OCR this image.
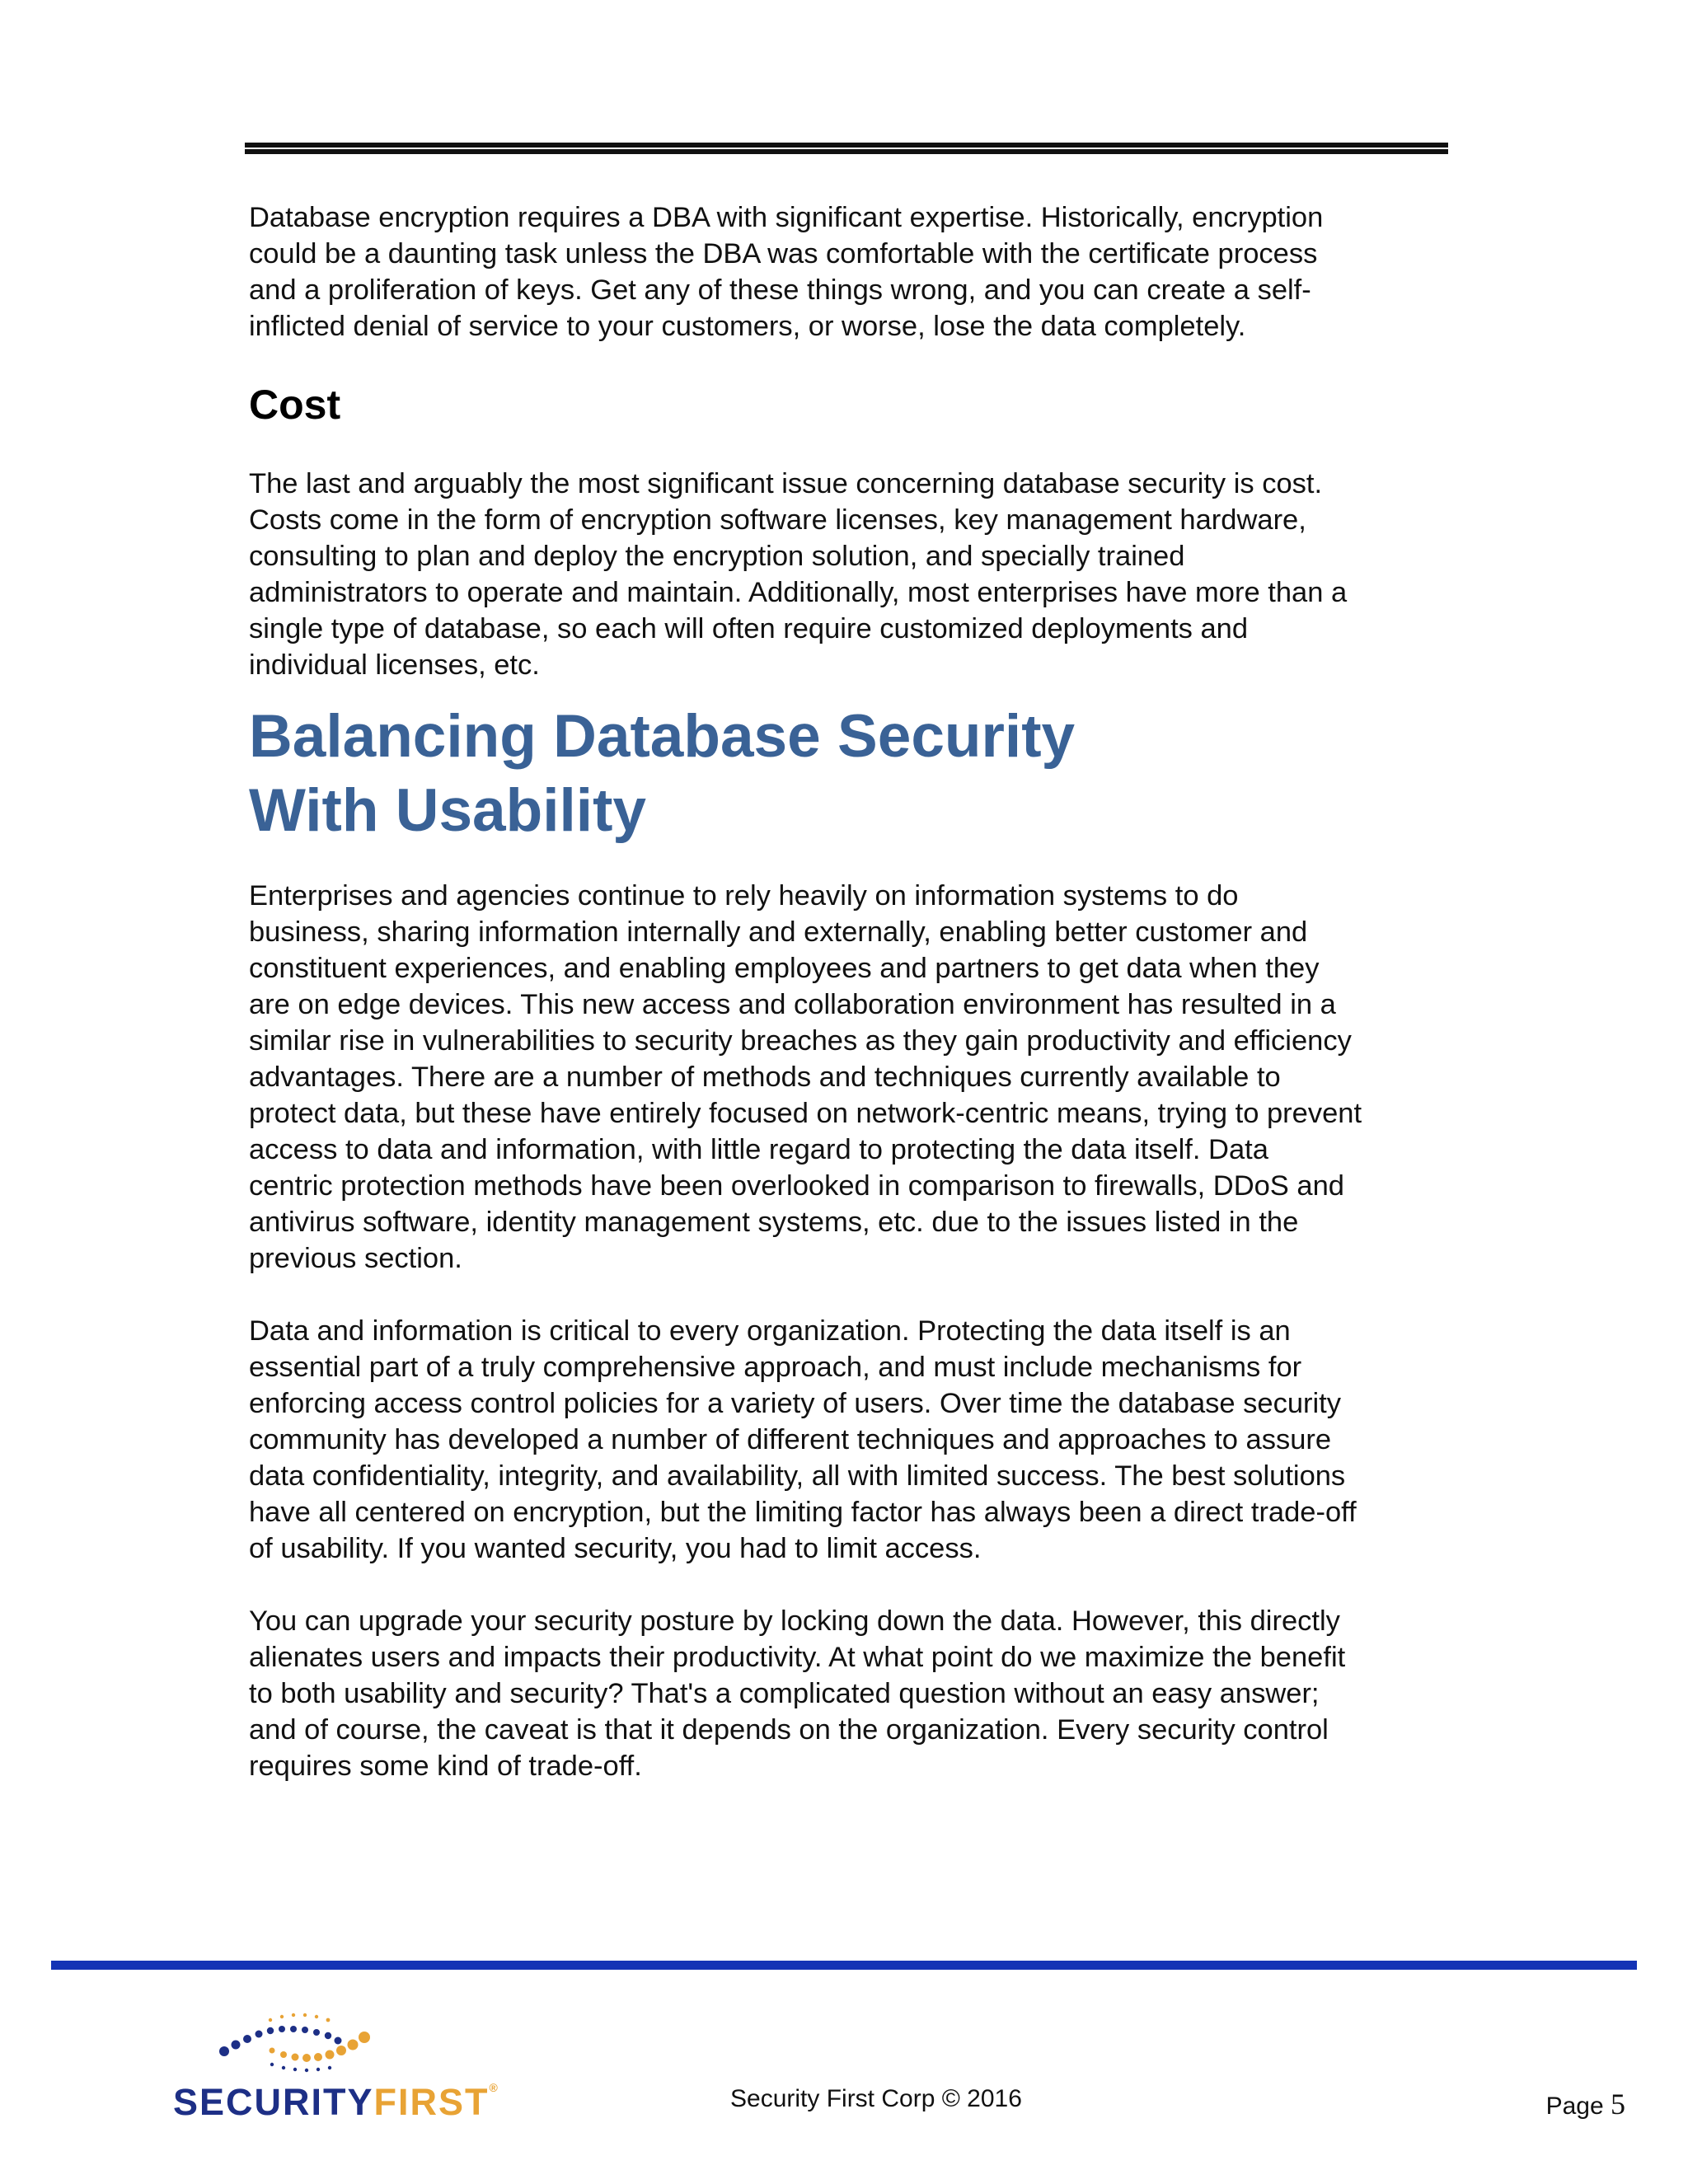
Database encryption requires a DBA with significant expertise. Historically, encryption
could be a daunting task unless the DBA was comfortable with the certificate process
and a proliferation of keys. Get any of these things wrong, and you can create a self-
inflicted denial of service to your customers, or worse, lose the data completely.

Cost

The last and arguably the most significant issue concerning database security is cost.
Costs come in the form of encryption software licenses, key management hardware,
consulting to plan and deploy the encryption solution, and specially trained
administrators to operate and maintain. Additionally, most enterprises have more than a
single type of database, so each will often require customized deployments and
individual licenses, etc.

Balancing Database Security
With Usability

Enterprises and agencies continue to rely heavily on information systems to do
business, sharing information internally and externally, enabling better customer and
constituent experiences, and enabling employees and partners to get data when they
are on edge devices. This new access and collaboration environment has resulted in a
similar rise in vulnerabilities to security breaches as they gain productivity and efficiency
advantages. There are a number of methods and techniques currently available to
protect data, but these have entirely focused on network-centric means, trying to prevent
access to data and information, with little regard to protecting the data itself. Data
centric protection methods have been overlooked in comparison to firewalls, DDoS and
antivirus software, identity management systems, etc. due to the issues listed in the
previous section.

Data and information is critical to every organization. Protecting the data itself is an
essential part of a truly comprehensive approach, and must include mechanisms for
enforcing access control policies for a variety of users. Over time the database security
community has developed a number of different techniques and approaches to assure
data confidentiality, integrity, and availability, all with limited success. The best solutions
have all centered on encryption, but the limiting factor has always been a direct trade-off
of usability. If you wanted security, you had to limit access.

You can upgrade your security posture by locking down the data. However, this directly
alienates users and impacts their productivity. At what point do we maximize the benefit
to both usability and security? That's a complicated question without an easy answer;
and of course, the caveat is that it depends on the organization. Every security control
requires some kind of trade-off.

SECURITYFIRST®	Security First Corp © 2016	Page 5
